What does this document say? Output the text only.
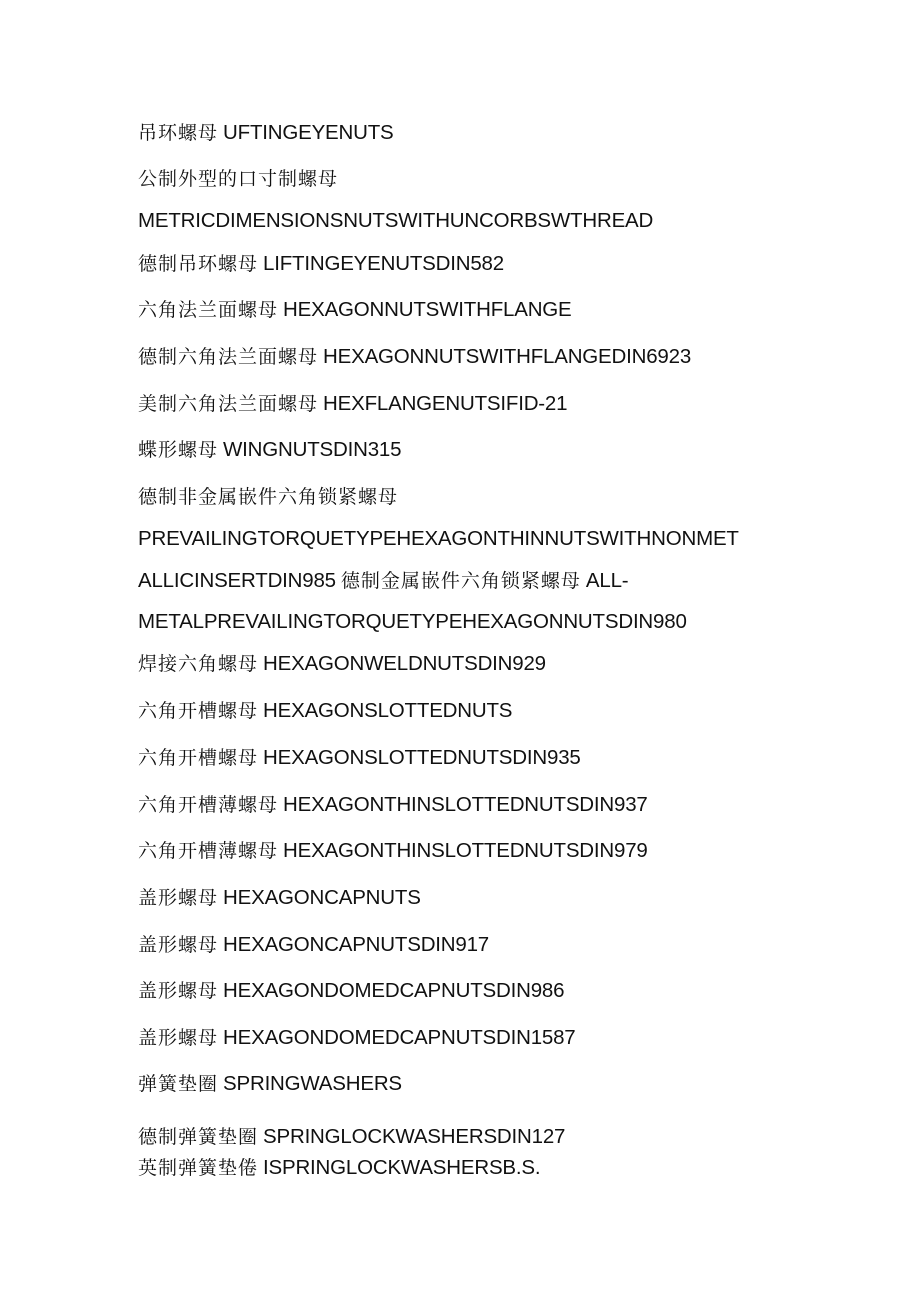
吊环螺母 UFTINGEYENUTS
公制外型的口寸制螺母
METRICDIMENSIONSNUTSWITHUNCORBSWTHREAD
德制吊环螺母 LIFTINGEYENUTSDIN582
六角法兰面螺母 HEXAGONNUTSWITHFLANGE
德制六角法兰面螺母 HEXAGONNUTSWITHFLANGEDIN6923
美制六角法兰面螺母 HEXFLANGENUTSIFID-21
蝶形螺母 WINGNUTSDIN315
德制非金属嵌件六角锁紧螺母
PREVAILINGTORQUETYPEHEXAGONTHINNUTSWITHNONMET
ALLICINSERTDIN985 德制金属嵌件六角锁紧螺母 ALL-
METALPREVAILINGTORQUETYPEHEXAGONNUTSDIN980
焊接六角螺母 HEXAGONWELDNUTSDIN929
六角开槽螺母 HEXAGONSLOTTEDNUTS
六角开槽螺母 HEXAGONSLOTTEDNUTSDIN935
六角开槽薄螺母 HEXAGONTHINSLOTTEDNUTSDIN937
六角开槽薄螺母 HEXAGONTHINSLOTTEDNUTSDIN979
盖形螺母 HEXAGONCAPNUTS
盖形螺母 HEXAGONCAPNUTSDIN917
盖形螺母 HEXAGONDOMEDCAPNUTSDIN986
盖形螺母 HEXAGONDOMEDCAPNUTSDIN1587
弹簧垫圈 SPRINGWASHERS
德制弹簧垫圈 SPRINGLOCKWASHERSDIN127
英制弹簧垫倦 ISPRINGLOCKWASHERSB.S.
